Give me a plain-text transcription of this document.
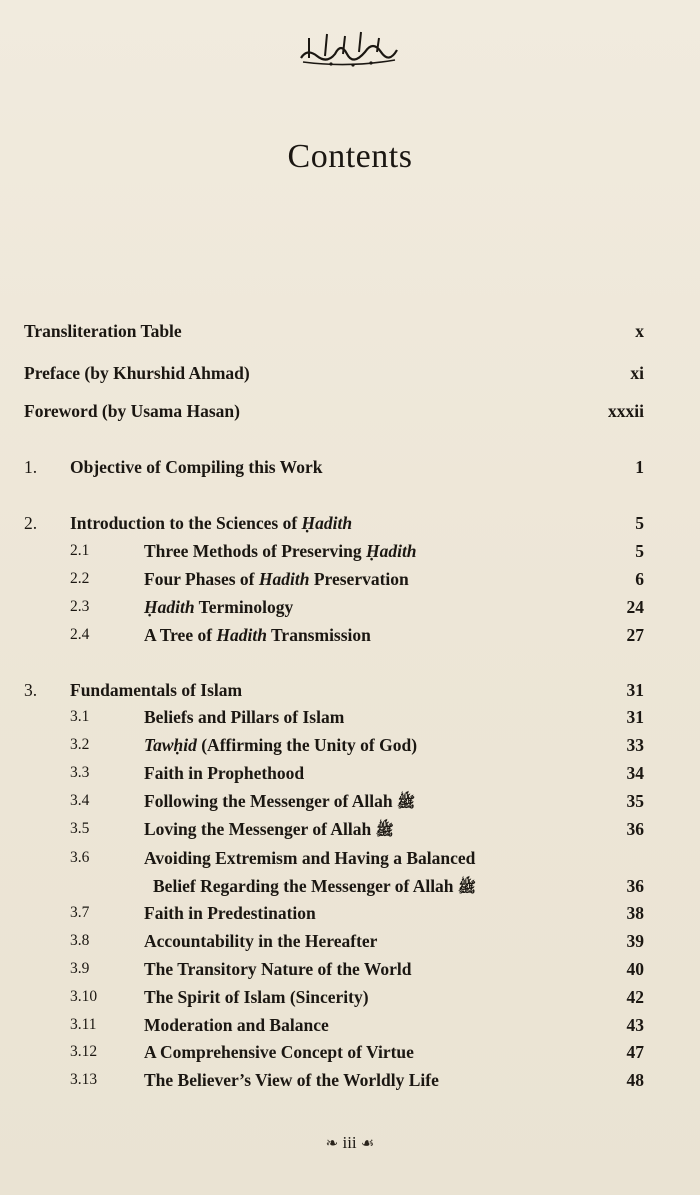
Contents
Transliteration Table	x
Preface (by Khurshid Ahmad)	xi
Foreword (by Usama Hasan)	xxxii
1. Objective of Compiling this Work	1
2. Introduction to the Sciences of Ḥadith	5
2.1	Three Methods of Preserving Ḥadith	5
2.2	Four Phases of Hadith Preservation	6
2.3	Ḥadith Terminology	24
2.4	A Tree of Hadith Transmission	27
3. Fundamentals of Islam	31
3.1	Beliefs and Pillars of Islam	31
3.2	Tawḥid (Affirming the Unity of God)	33
3.3	Faith in Prophethood	34
3.4	Following the Messenger of Allah ﷺ	35
3.5	Loving the Messenger of Allah ﷺ	36
3.6	Avoiding Extremism and Having a Balanced
Belief Regarding the Messenger of Allah ﷺ	36
3.7	Faith in Predestination	38
3.8	Accountability in the Hereafter	39
3.9	The Transitory Nature of the World	40
3.10	The Spirit of Islam (Sincerity)	42
3.11	Moderation and Balance	43
3.12	A Comprehensive Concept of Virtue	47
3.13	The Believer’s View of the Worldly Life	48
❧ iii ☙
